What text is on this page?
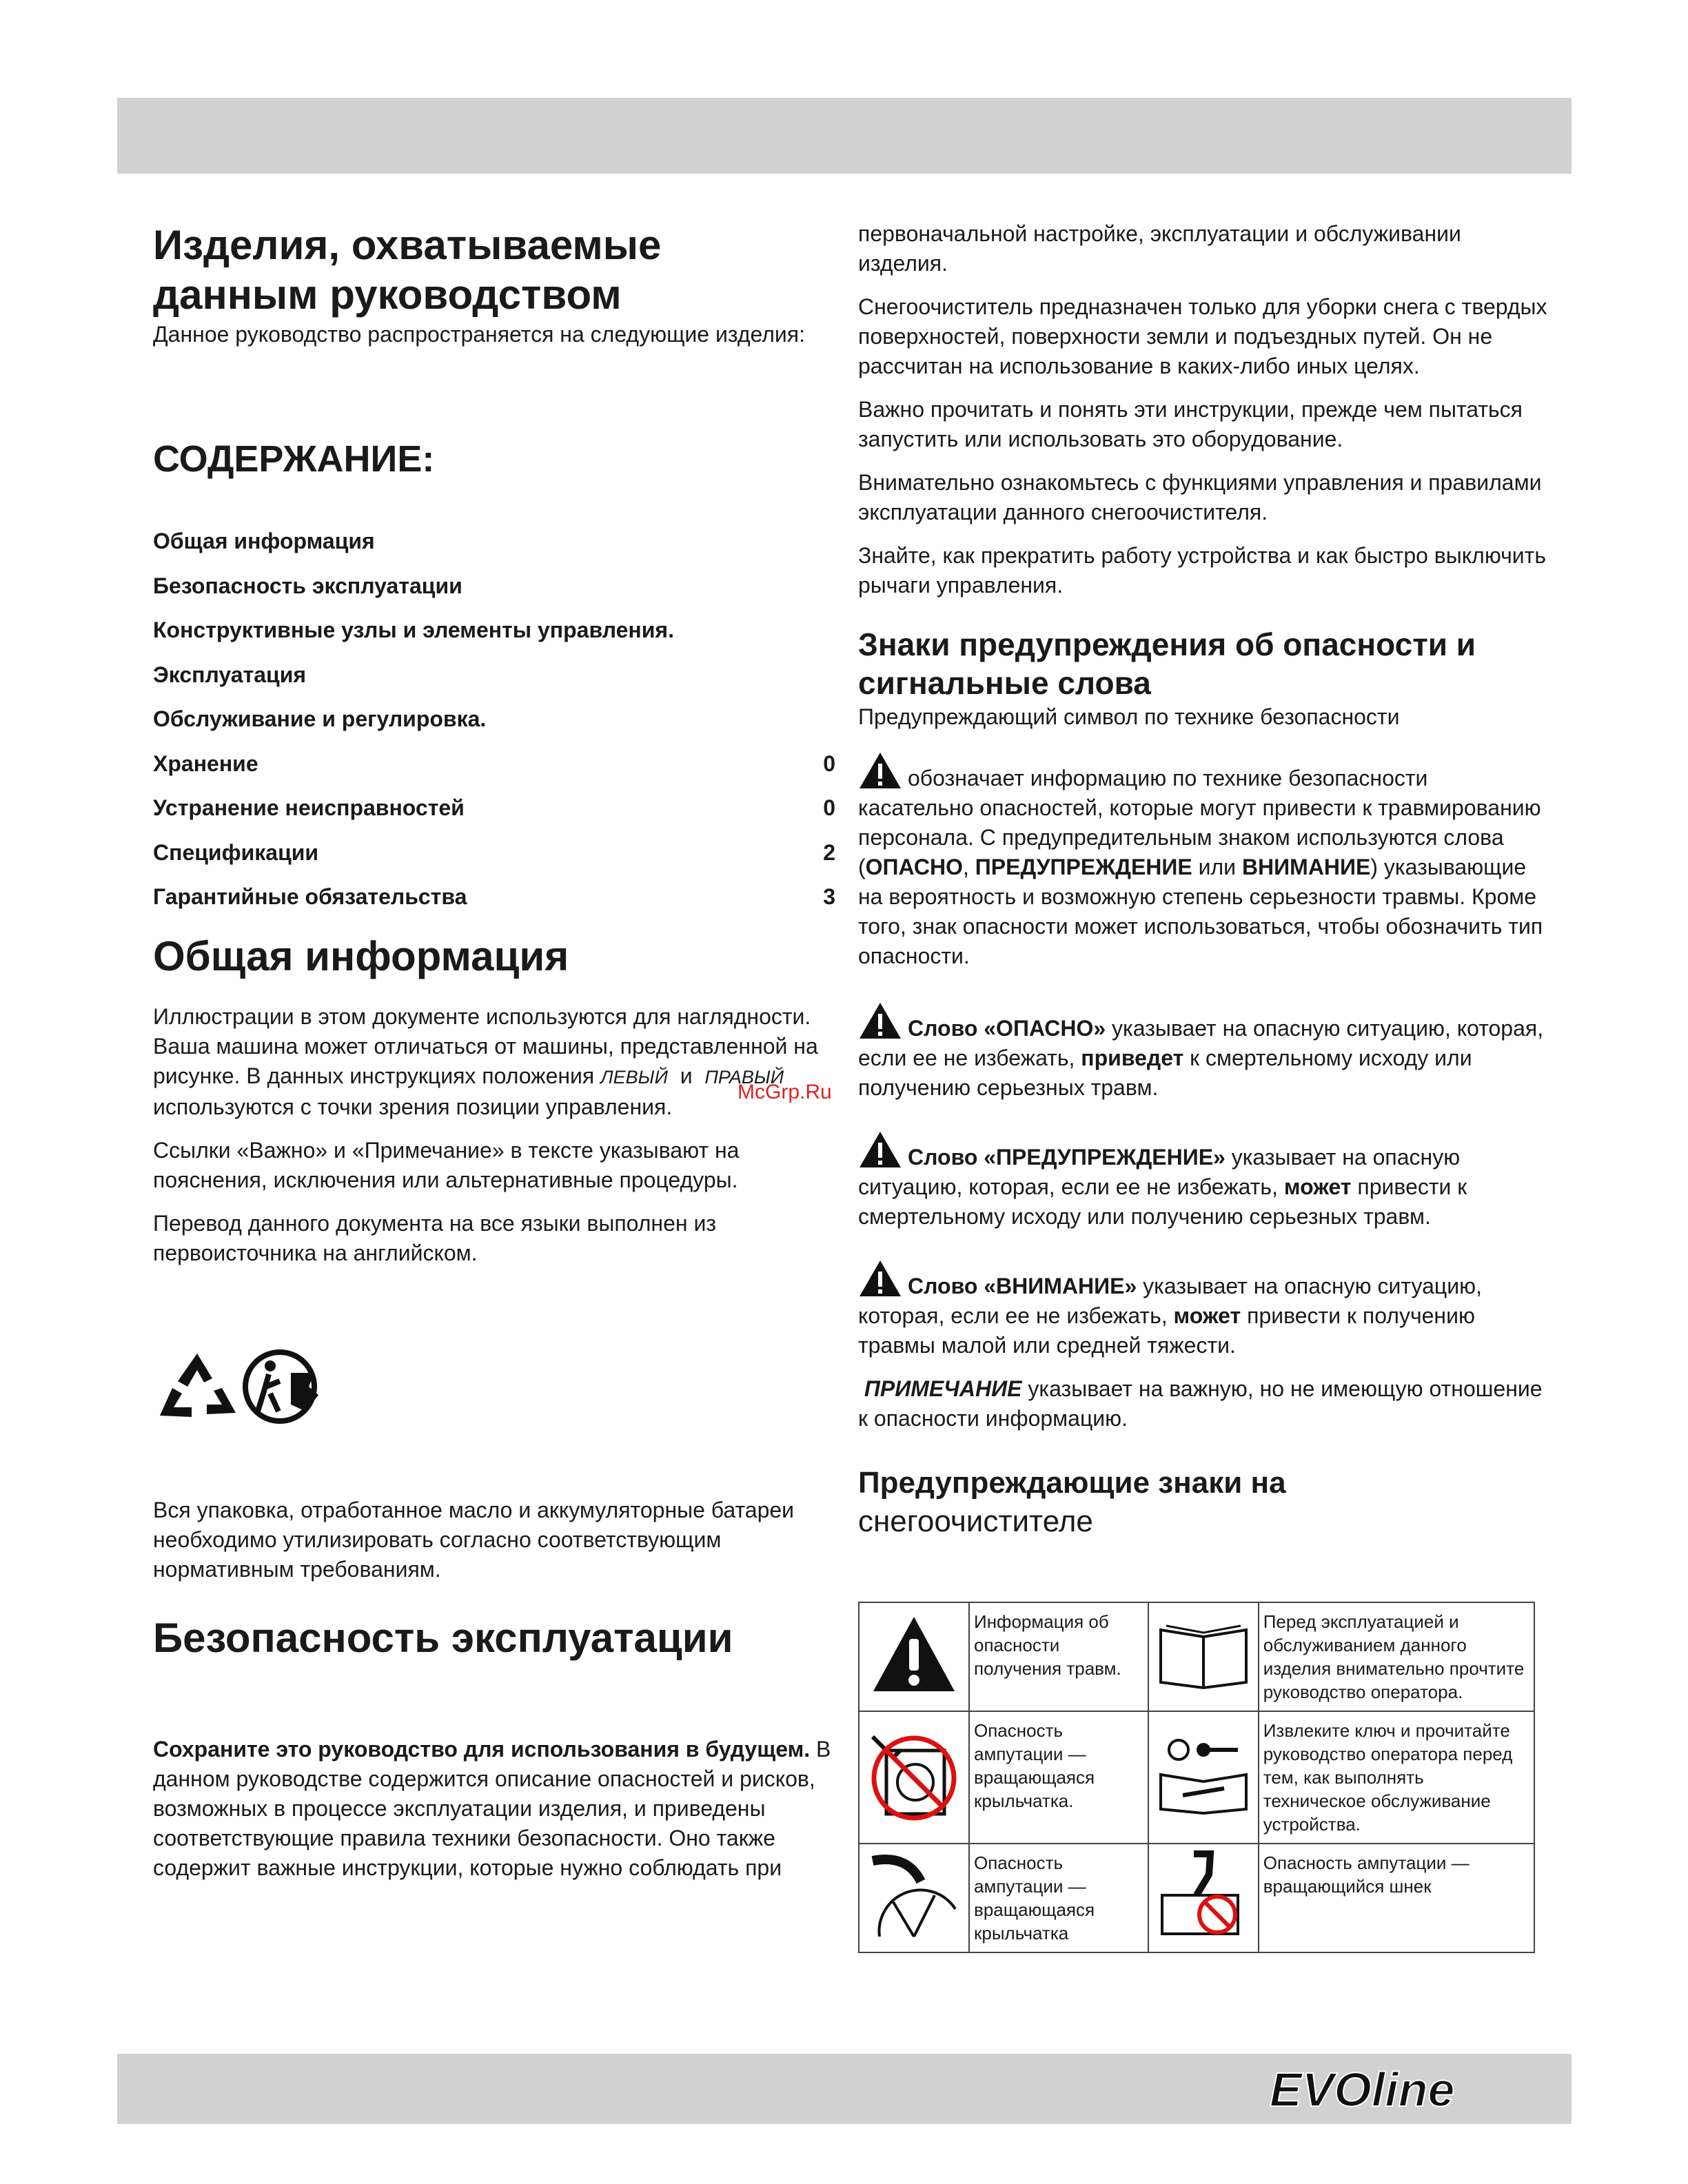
Изделия, охватываемые данным руководством

Данное руководство распространяется на следующие изделия:

СОДЕРЖАНИЕ:
Общая информация
Безопасность эксплуатации
Конструктивные узлы и элементы управления.
Эксплуатация
Обслуживание и регулировка.
Хранение	0
Устранение неисправностей	0
Спецификации	2
Гарантийные обязательства	3
Общая информация

Иллюстрации в этом документе используются для наглядности. Ваша машина может отличаться от машины, представленной на рисунке. В данных инструкциях положения ЛЕВЫЙ и ПРАВЫЙ используются с точки зрения позиции управления.

Ссылки «Важно» и «Примечание» в тексте указывают на пояснения, исключения или альтернативные процедуры.

Перевод данного документа на все языки выполнен из первоисточника на английском.

Вся упаковка, отработанное масло и аккумуляторные батареи необходимо утилизировать согласно соответствующим нормативным требованиям.

Безопасность эксплуатации

Сохраните это руководство для использования в будущем. В данном руководстве содержится описание опасностей и рисков, возможных в процессе эксплуатации изделия, и приведены соответствующие правила техники безопасности. Оно также содержит важные инструкции, которые нужно соблюдать при

первоначальной настройке, эксплуатации и обслуживании изделия.

Снегоочиститель предназначен только для уборки снега с твердых поверхностей, поверхности земли и подъездных путей. Он не рассчитан на использование в каких-либо иных целях.

Важно прочитать и понять эти инструкции, прежде чем пытаться запустить или использовать это оборудование.

Внимательно ознакомьтесь с функциями управления и правилами эксплуатации данного снегоочистителя.

Знайте, как прекратить работу устройства и как быстро выключить рычаги управления.

Знаки предупреждения об опасности и сигнальные слова

Предупреждающий символ по технике безопасности

обозначает информацию по технике безопасности касательно опасностей, которые могут привести к травмированию персонала. С предупредительным знаком используются слова (ОПАСНО, ПРЕДУПРЕЖДЕНИЕ или ВНИМАНИЕ) указывающие на вероятность и возможную степень серьезности травмы. Кроме того, знак опасности может использоваться, чтобы обозначить тип опасности.

Слово «ОПАСНО» указывает на опасную ситуацию, которая, если ее не избежать, приведет к смертельному исходу или получению серьезных травм.

Слово «ПРЕДУПРЕЖДЕНИЕ» указывает на опасную ситуацию, которая, если ее не избежать, может привести к смертельному исходу или получению серьезных травм.

Слово «ВНИМАНИЕ» указывает на опасную ситуацию, которая, если ее не избежать, может привести к получению травмы малой или средней тяжести.

ПРИМЕЧАНИЕ указывает на важную, но не имеющую отношение к опасности информацию.

Предупреждающие знаки на
снегоочистителе
	Информация об опасности получения травм.		Перед эксплуатацией и обслуживанием данного изделия внимательно прочтите руководство оператора.
	Опасность ампутации — вращающаяся крыльчатка.		Извлеките ключ и прочитайте руководство оператора перед тем, как выполнять техническое обслуживание устройства.
	Опасность ампутации — вращающаяся крыльчатка		Опасность ампутации — вращающийся шнек
McGrp.Ru
EVOline
